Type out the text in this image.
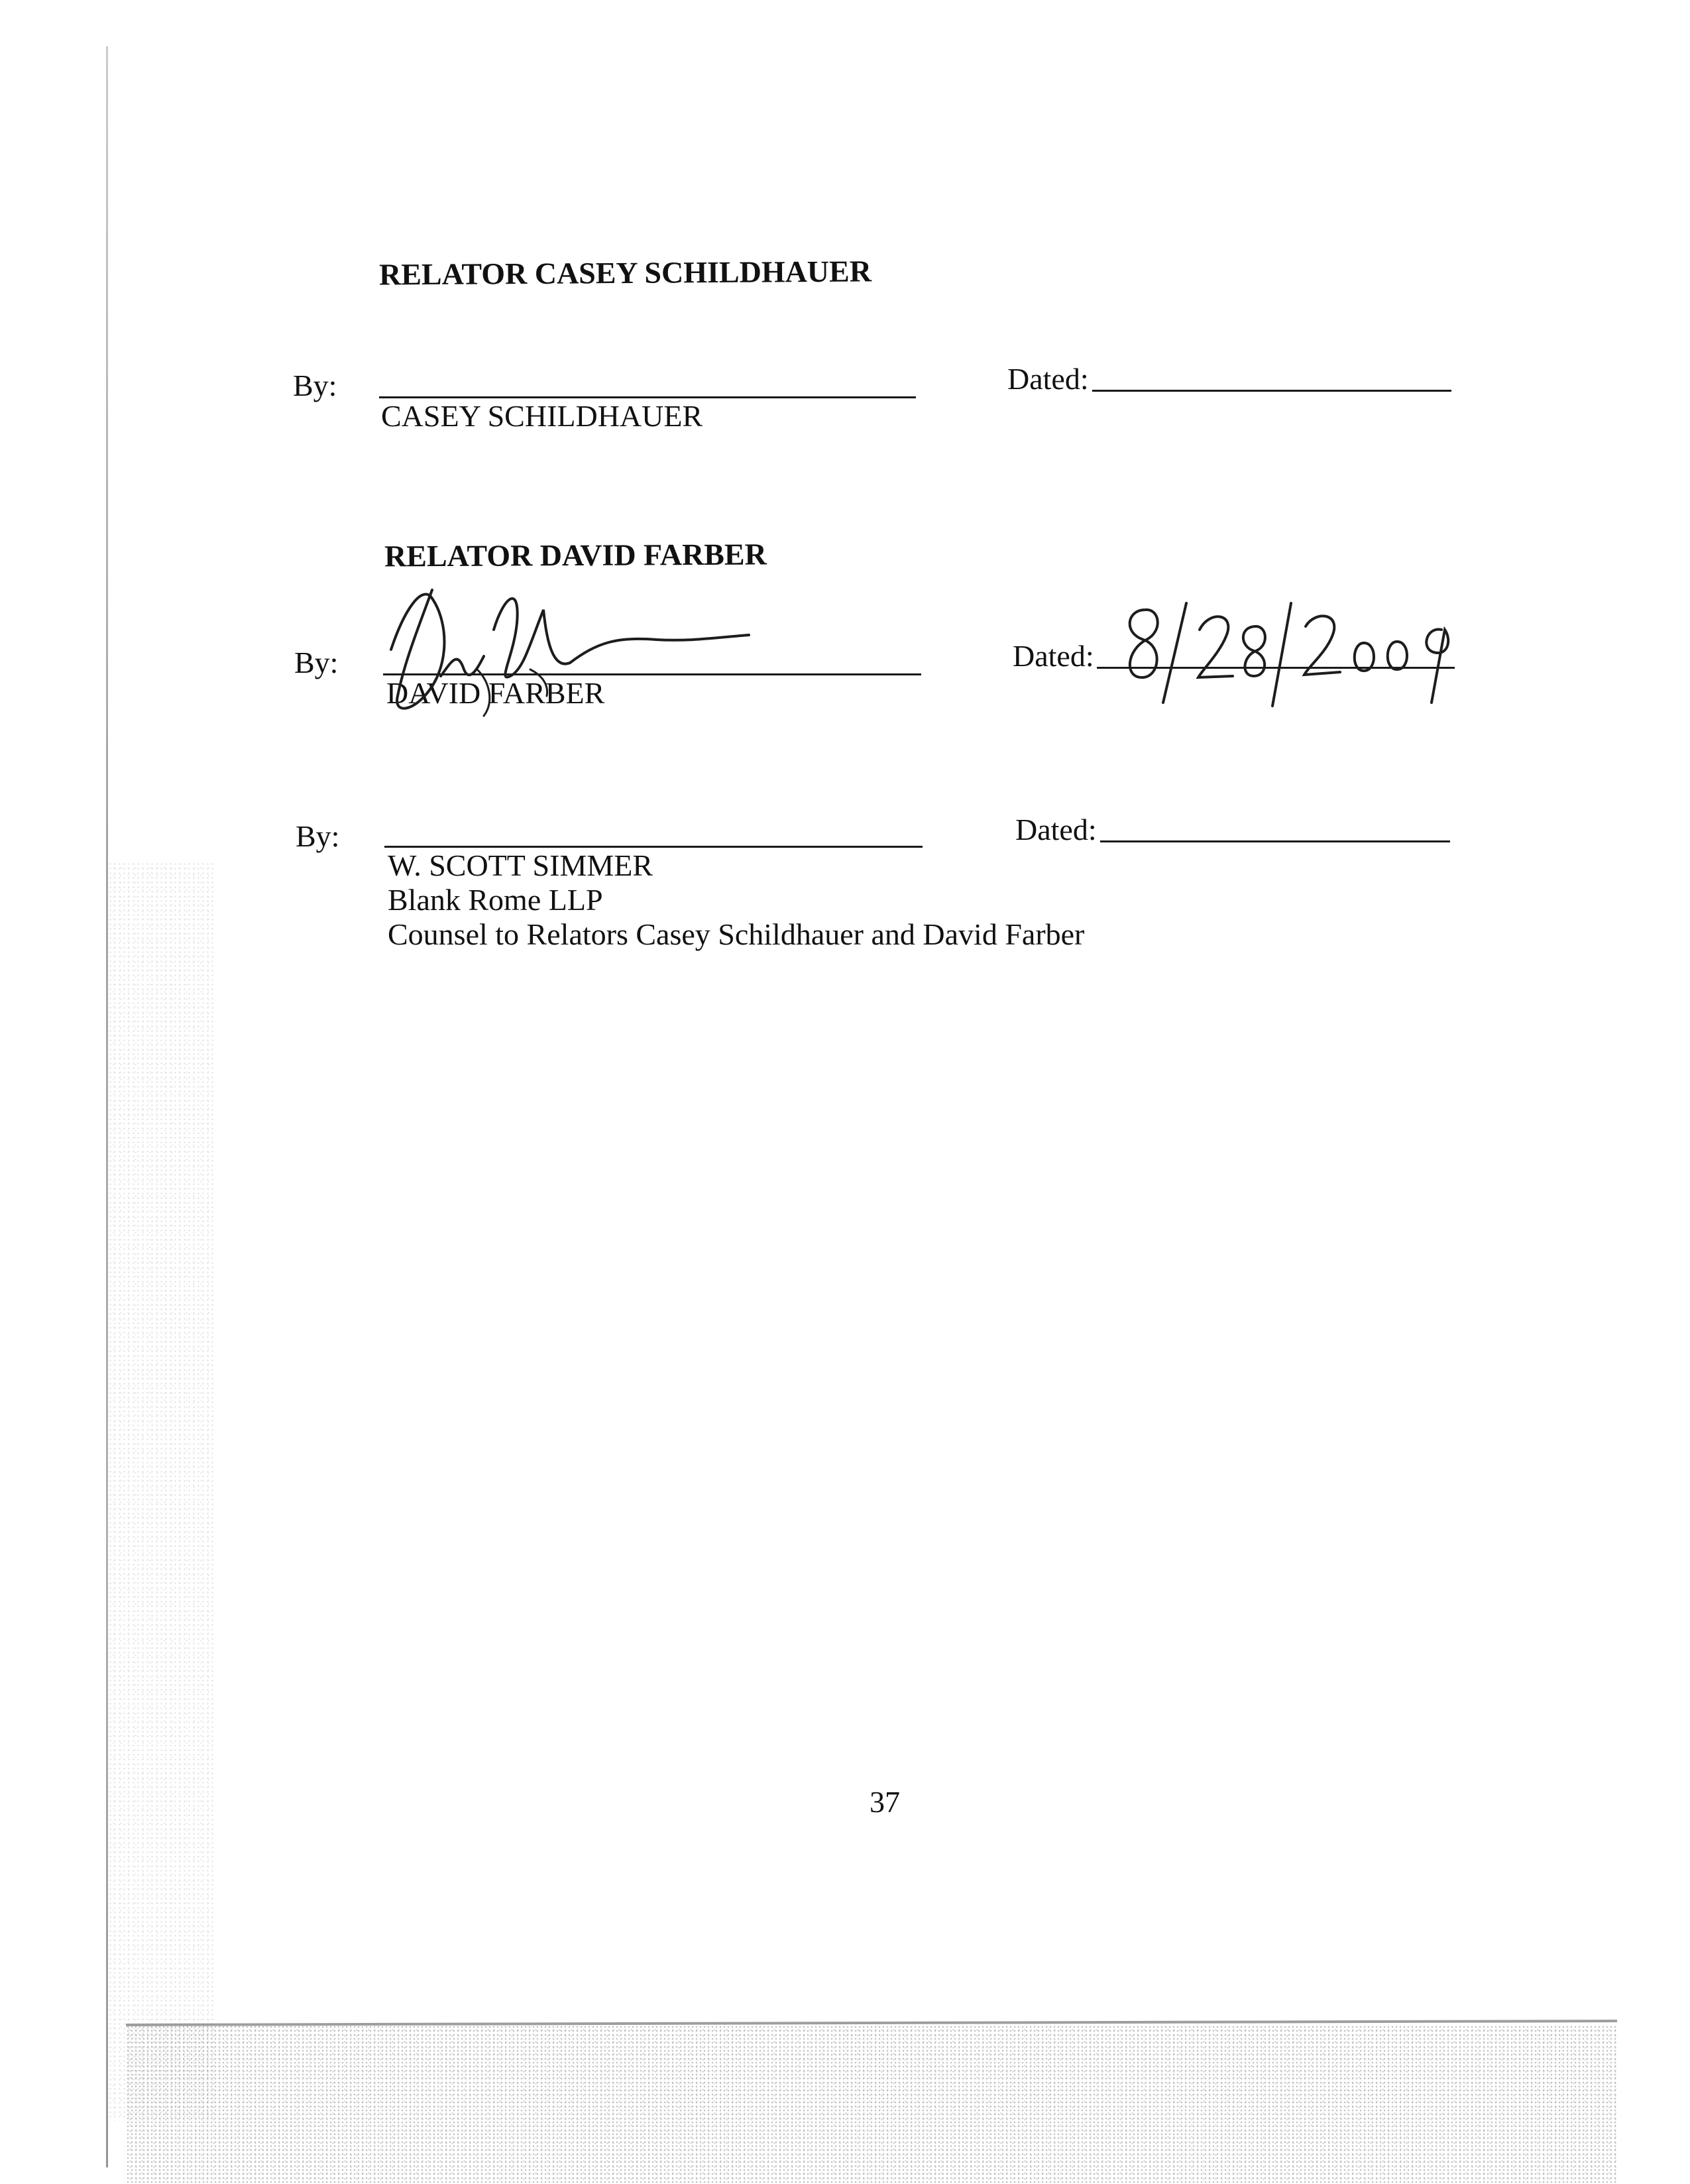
RELATOR CASEY SCHILDHAUER
By:
CASEY SCHILDHAUER
Dated:
RELATOR DAVID FARBER
By:
DAVID FARBER
Dated:
By:
W. SCOTT SIMMER
Blank Rome LLP
Counsel to Relators Casey Schildhauer and David Farber
Dated:
37
